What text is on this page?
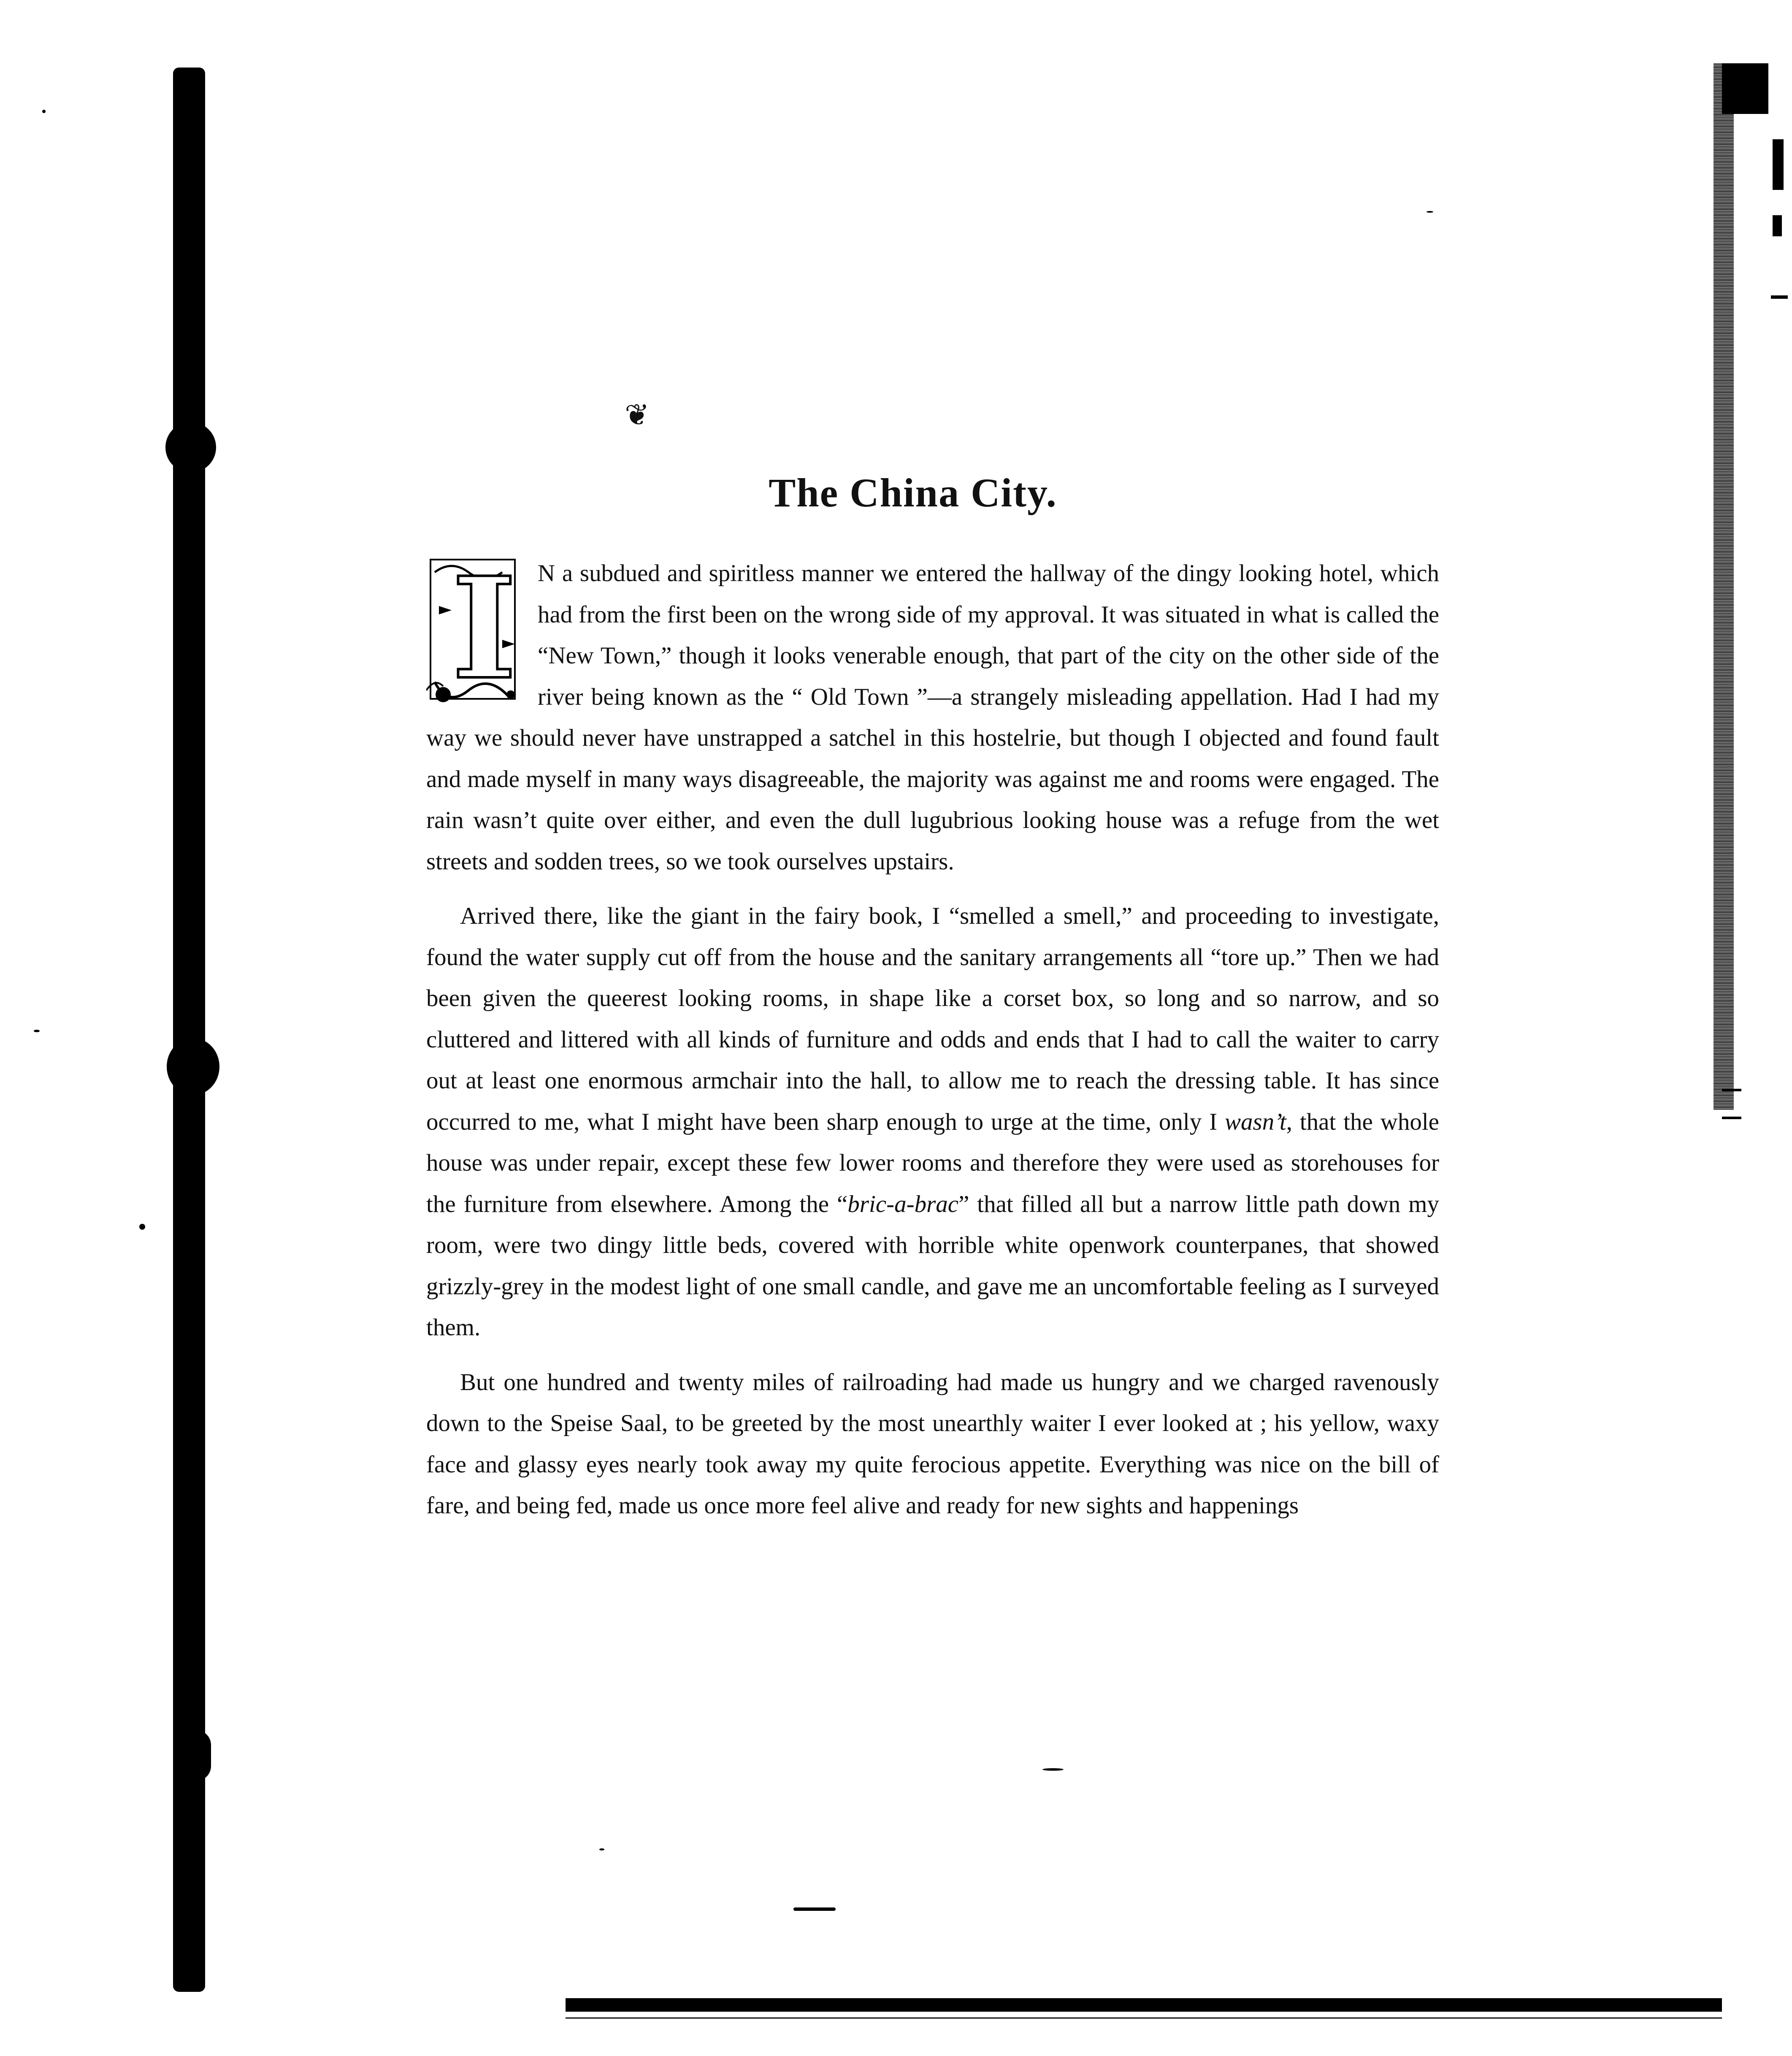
❦
The China City.

I N a subdued and spiritless manner we entered the hallway of the dingy looking hotel, which had from the first been on the wrong side of my approval. It was situated in what is called the “New Town,” though it looks venerable enough, that part of the city on the other side of the river being known as the “ Old Town ”—a strangely misleading appellation. Had I had my way we should never have unstrapped a satchel in this hostelrie, but though I objected and found fault and made myself in many ways disagreeable, the majority was against me and rooms were engaged. The rain wasn’t quite over either, and even the dull lugubrious looking house was a refuge from the wet streets and sodden trees, so we took ourselves upstairs.

Arrived there, like the giant in the fairy book, I “smelled a smell,” and proceeding to investigate, found the water supply cut off from the house and the sanitary arrangements all “tore up.” Then we had been given the queerest looking rooms, in shape like a corset box, so long and so narrow, and so cluttered and littered with all kinds of furniture and odds and ends that I had to call the waiter to carry out at least one enormous armchair into the hall, to allow me to reach the dressing table. It has since occurred to me, what I might have been sharp enough to urge at the time, only I wasn’t, that the whole house was under repair, except these few lower rooms and therefore they were used as storehouses for the furniture from elsewhere. Among the “bric-a-brac” that filled all but a narrow little path down my room, were two dingy little beds, covered with horrible white openwork counterpanes, that showed grizzly-grey in the modest light of one small candle, and gave me an uncomfortable feeling as I surveyed them.

But one hundred and twenty miles of railroading had made us hungry and we charged ravenously down to the Speise Saal, to be greeted by the most unearthly waiter I ever looked at ; his yellow, waxy face and glassy eyes nearly took away my quite ferocious appetite. Everything was nice on the bill of fare, and being fed, made us once more feel alive and ready for new sights and happenings
